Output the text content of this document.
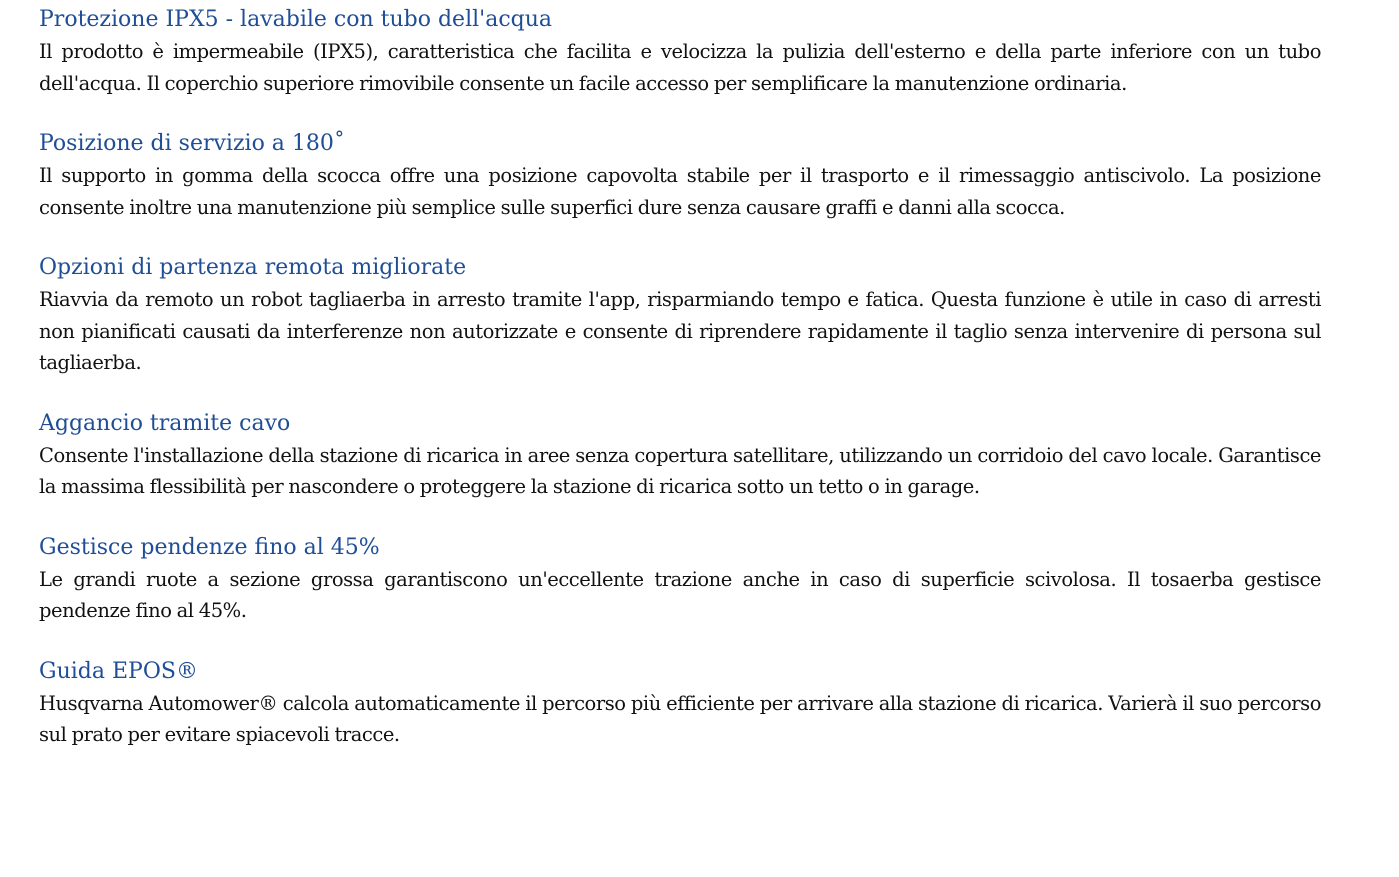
Protezione IPX5 - lavabile con tubo dell'acqua

Il prodotto è impermeabile (IPX5), caratteristica che facilita e velocizza la pulizia dell'esterno e della parte inferiore con un tubo dell'acqua. Il coperchio superiore rimovibile consente un facile accesso per semplificare la manutenzione ordinaria.

Posizione di servizio a 180˚

Il supporto in gomma della scocca offre una posizione capovolta stabile per il trasporto e il rimessaggio antiscivolo. La posizione consente inoltre una manutenzione più semplice sulle superfici dure senza causare graffi e danni alla scocca.

Opzioni di partenza remota migliorate

Riavvia da remoto un robot tagliaerba in arresto tramite l'app, risparmiando tempo e fatica. Questa funzione è utile in caso di arresti non pianificati causati da interferenze non autorizzate e consente di riprendere rapidamente il taglio senza intervenire di persona sul tagliaerba.

Aggancio tramite cavo

Consente l'installazione della stazione di ricarica in aree senza copertura satellitare, utilizzando un corridoio del cavo locale. Garantisce la massima flessibilità per nascondere o proteggere la stazione di ricarica sotto un tetto o in garage.

Gestisce pendenze fino al 45%

Le grandi ruote a sezione grossa garantiscono un'eccellente trazione anche in caso di superficie scivolosa. Il tosaerba gestisce pendenze fino al 45%.

Guida EPOS®

Husqvarna Automower® calcola automaticamente il percorso più efficiente per arrivare alla stazione di ricarica. Varierà il suo percorso sul prato per evitare spiacevoli tracce.
